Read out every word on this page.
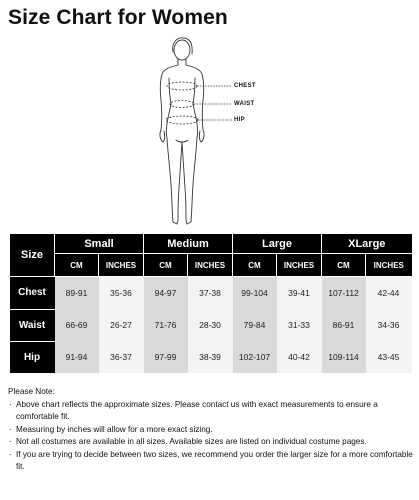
Size Chart for Women
CHEST
WAIST
HIP
Size	Small		Medium		Large		XLarge	
	CM	INCHES	CM	INCHES	CM	INCHES	CM	INCHES
Chest	89-91	35-36	94-97	37-38	99-104	39-41	107-112	42-44
Waist	66-69	26-27	71-76	28-30	79-84	31-33	86-91	34-36
Hip	91-94	36-37	97-99	38-39	102-107	40-42	109-114	43-45
Please Note:
· Above chart reflects the approximate sizes. Please contact us with exact measurements to ensure a comfortable fit.
· Measuring by inches will allow for a more exact sizing.
· Not all costumes are available in all sizes. Available sizes are listed on individual costume pages.
· If you are trying to decide between two sizes, we recommend you order the larger size for a more comfortable fit.
